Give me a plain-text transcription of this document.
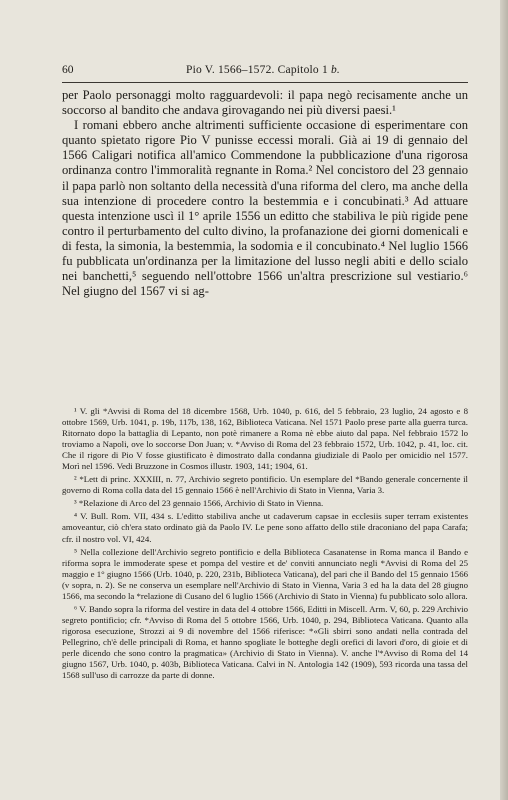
60	Pio V. 1566–1572. Capitolo 1 b.

per Paolo personaggi molto ragguardevoli: il papa negò recisamente anche un soccorso al bandito che andava girovagando nei più diversi paesi.¹

I romani ebbero anche altrimenti sufficiente occasione di esperimentare con quanto spietato rigore Pio V punisse eccessi morali. Già ai 19 di gennaio del 1566 Caligari notifica all'amico Commendone la pubblicazione d'una rigorosa ordinanza contro l'immoralità regnante in Roma.² Nel concistoro del 23 gennaio il papa parlò non soltanto della necessità d'una riforma del clero, ma anche della sua intenzione di procedere contro la bestemmia e i concubinati.³ Ad attuare questa intenzione uscì il 1° aprile 1556 un editto che stabiliva le più rigide pene contro il perturbamento del culto divino, la profanazione dei giorni domenicali e di festa, la simonia, la bestemmia, la sodomia e il concubinato.⁴ Nel luglio 1566 fu pubblicata un'ordinanza per la limitazione del lusso negli abiti e dello scialo nei banchetti,⁵ seguendo nell'ottobre 1566 un'altra prescrizione sul vestiario.⁶ Nel giugno del 1567 vi si ag-

¹ V. gli *Avvisi di Roma del 18 dicembre 1568, Urb. 1040, p. 616, del 5 febbraio, 23 luglio, 24 agosto e 8 ottobre 1569, Urb. 1041, p. 19b, 117b, 138, 162, Biblioteca Vaticana. Nel 1571 Paolo prese parte alla guerra turca. Ritornato dopo la battaglia di Lepanto, non potè rimanere a Roma nè ebbe aiuto dal papa. Nel febbraio 1572 lo troviamo a Napoli, ove lo soccorse Don Juan; v. *Avviso di Roma del 23 febbraio 1572, Urb. 1042, p. 41, loc. cit. Che il rigore di Pio V fosse giustificato è dimostrato dalla condanna giudiziale di Paolo per omicidio nel 1577. Morì nel 1596. Vedi Bruzzone in Cosmos illustr. 1903, 141; 1904, 61.

² *Lett di princ. XXXIII, n. 77, Archivio segreto pontificio. Un esemplare del *Bando generale concernente il governo di Roma colla data del 15 gennaio 1566 è nell'Archivio di Stato in Vienna, Varia 3.

³ *Relazione di Arco del 23 gennaio 1566, Archivio di Stato in Vienna.

⁴ V. Bull. Rom. VII, 434 s. L'editto stabiliva anche ut cadaverum capsae in ecclesiis super terram existentes amoveantur, ciò ch'era stato ordinato già da Paolo IV. Le pene sono affatto dello stile draconiano del papa Carafa; cfr. il nostro vol. VI, 424.

⁵ Nella collezione dell'Archivio segreto pontificio e della Biblioteca Casanatense in Roma manca il Bando e riforma sopra le immoderate spese et pompa del vestire et de' conviti annunciato negli *Avvisi di Roma del 25 maggio e 1° giugno 1566 (Urb. 1040, p. 220, 231b, Biblioteca Vaticana), del pari che il Bando del 15 gennaio 1566 (v sopra, n. 2). Se ne conserva un esemplare nell'Archivio di Stato in Vienna, Varia 3 ed ha la data del 28 giugno 1566, ma secondo la *relazione di Cusano del 6 luglio 1566 (Archivio di Stato in Vienna) fu pubblicato solo allora.

⁶ V. Bando sopra la riforma del vestire in data del 4 ottobre 1566, Editti in Miscell. Arm. V, 60, p. 229 Archivio segreto pontificio; cfr. *Avviso di Roma del 5 ottobre 1566, Urb. 1040, p. 294, Biblioteca Vaticana. Quanto alla rigorosa esecuzione, Strozzi ai 9 di novembre del 1566 riferisce: *«Gli sbirri sono andati nella contrada del Pellegrino, ch'è delle principali di Roma, et hanno spogliate le botteghe degli orefici di lavori d'oro, di gioie et di perle dicendo che sono contro la pragmatica» (Archivio di Stato in Vienna). V. anche l'*Avviso di Roma del 14 giugno 1567, Urb. 1040, p. 403b, Biblioteca Vaticana. Calvi in N. Antologia 142 (1909), 593 ricorda una tassa del 1568 sull'uso di carrozze da parte di donne.
